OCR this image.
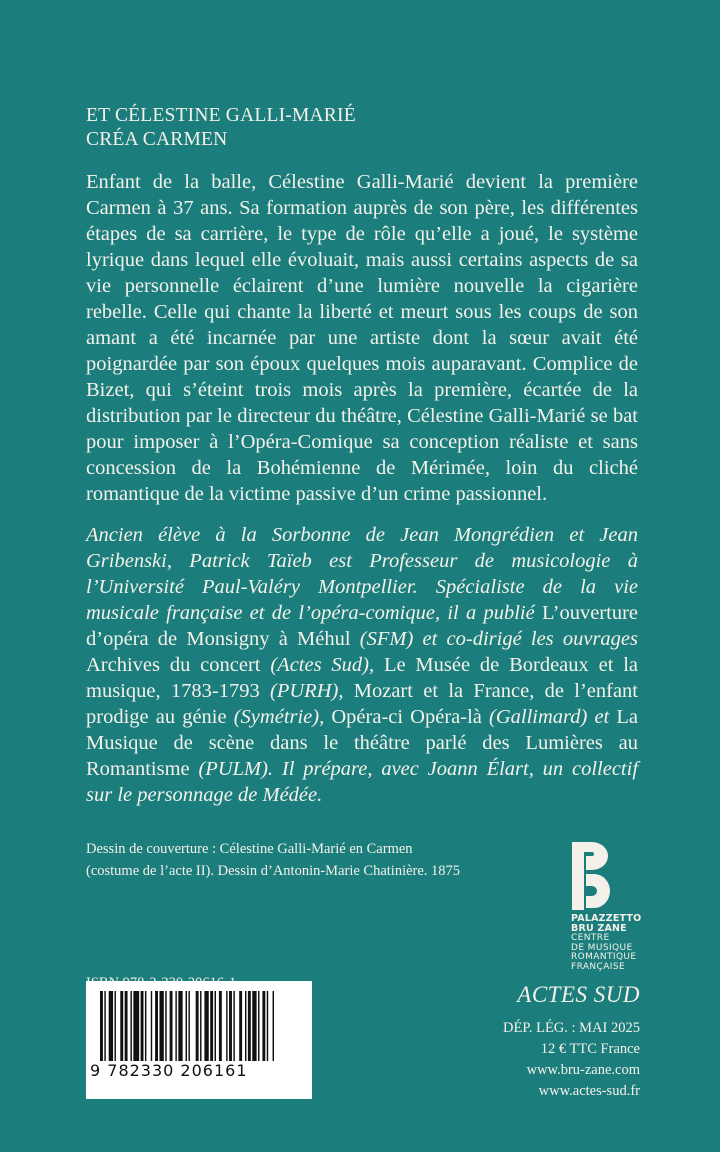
ET CÉLESTINE GALLI-MARIÉ
CRÉA CARMEN
Enfant de la balle, Célestine Galli-Marié devient la première Carmen à 37 ans. Sa formation auprès de son père, les différentes étapes de sa carrière, le type de rôle qu’elle a joué, le système lyrique dans lequel elle évoluait, mais aussi certains aspects de sa vie personnelle éclairent d’une lumière nouvelle la cigarière rebelle. Celle qui chante la liberté et meurt sous les coups de son amant a été incarnée par une artiste dont la sœur avait été poignardée par son époux quelques mois auparavant. Complice de Bizet, qui s’éteint trois mois après la première, écartée de la distribution par le directeur du théâtre, Célestine Galli-Marié se bat pour imposer à l’Opéra-Comique sa conception réaliste et sans concession de la Bohémienne de Mérimée, loin du cliché romantique de la victime passive d’un crime passionnel.
Ancien élève à la Sorbonne de Jean Mongrédien et Jean Gribenski, Patrick Taïeb est Professeur de musicologie à l’Université Paul-Valéry Montpellier. Spécialiste de la vie musicale française et de l’opéra-comique, il a publié L’ouverture d’opéra de Monsigny à Méhul (SFM) et co-dirigé les ouvrages Archives du concert (Actes Sud), Le Musée de Bordeaux et la musique, 1783-1793 (PURH), Mozart et la France, de l’enfant prodige au génie (Symétrie), Opéra-ci Opéra-là (Gallimard) et La Musique de scène dans le théâtre parlé des Lumières au Romantisme (PULM). Il prépare, avec Joann Élart, un collectif sur le personnage de Médée.
Dessin de couverture : Célestine Galli-Marié en Carmen
(costume de l’acte II). Dessin d’Antonin-Marie Chatinière. 1875
9 782330 206161
PALAZZETTO
BRU ZANE
CENTRE
DE MUSIQUE
ROMANTIQUE
FRANÇAISE
ACTES SUD
DÉP. LÉG. : MAI 2025
12 € TTC France
www.bru-zane.com
www.actes-sud.fr
